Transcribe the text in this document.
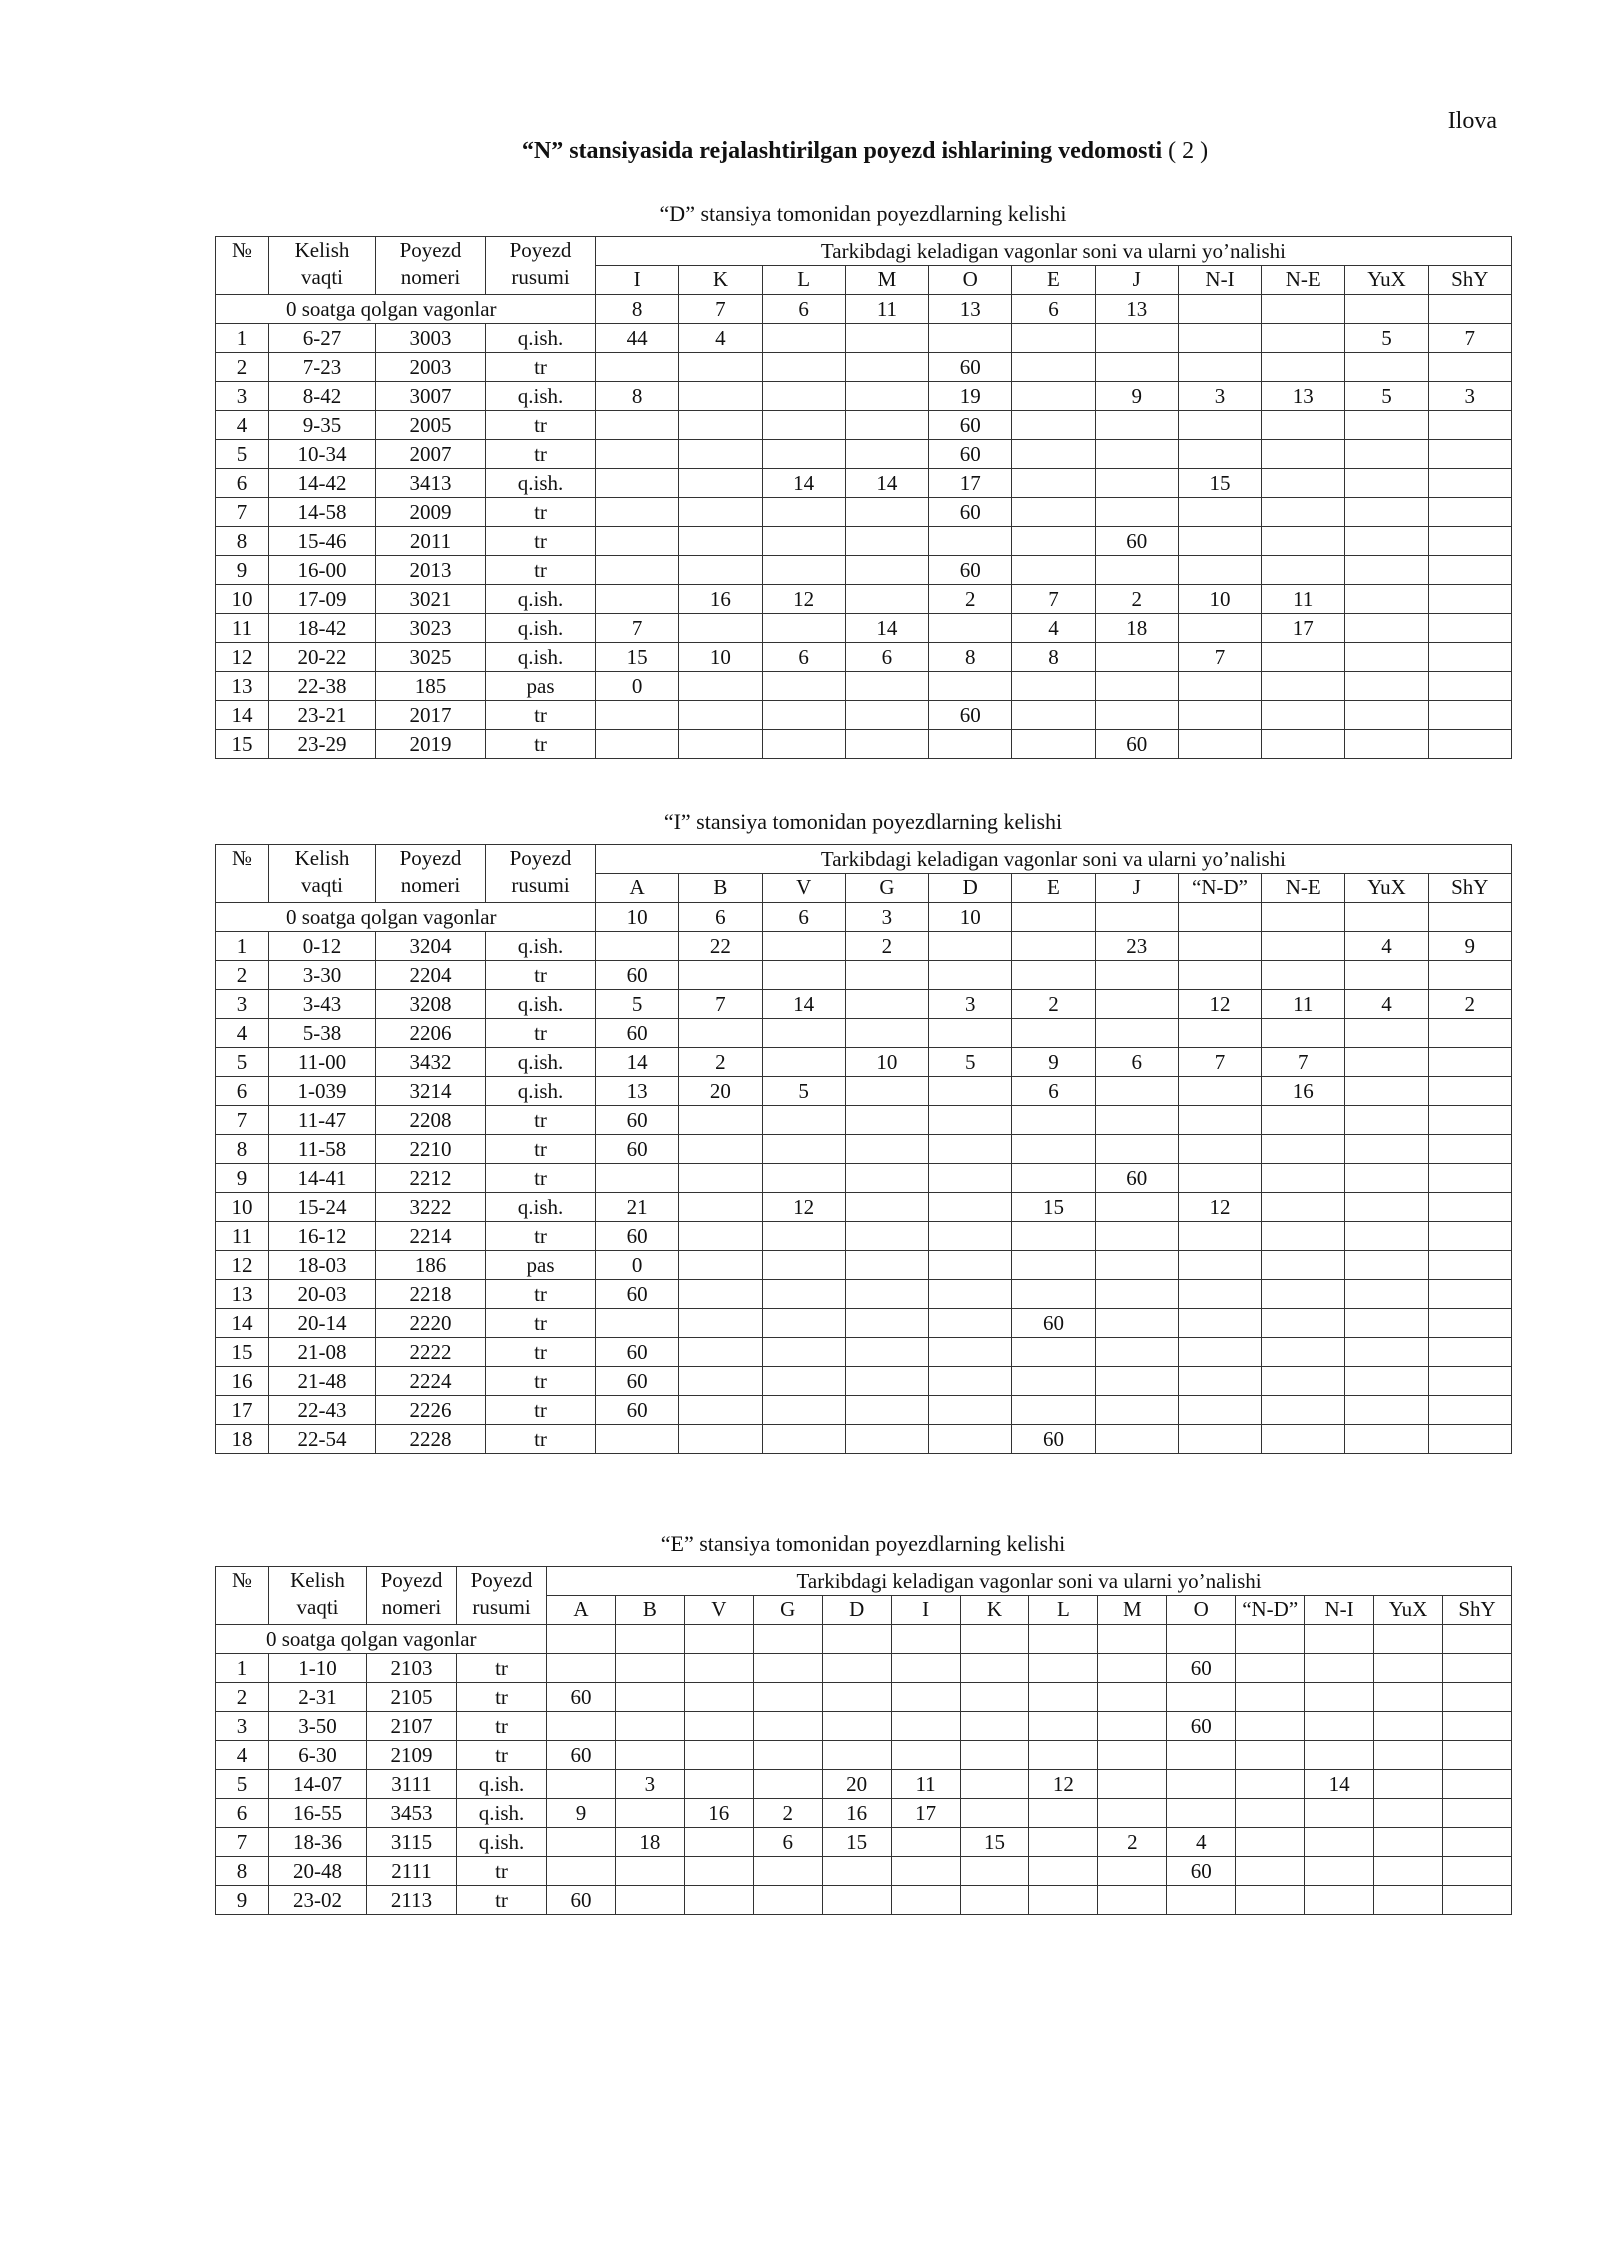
Ilova
“N” stansiyasida rejalashtirilgan poyezd ishlarining vedomosti ( 2 )
“D” stansiya tomonidan poyezdlarning kelishi
№	Kelish vaqti	Poyezd nomeri	Poyezd rusumi	Tarkibdagi keladigan vagonlar soni va ularni yo’nalishi										
				I	K	L	M	O	E	J	N-I	N-E	YuX	ShY
0 soatga qolgan vagonlar				8	7	6	11	13	6	13				
1	6-27	3003	q.ish.	44	4								5	7
2	7-23	2003	tr					60						
3	8-42	3007	q.ish.	8				19		9	3	13	5	3
4	9-35	2005	tr					60						
5	10-34	2007	tr					60						
6	14-42	3413	q.ish.			14	14	17			15			
7	14-58	2009	tr					60						
8	15-46	2011	tr							60				
9	16-00	2013	tr					60						
10	17-09	3021	q.ish.		16	12		2	7	2	10	11		
11	18-42	3023	q.ish.	7			14		4	18		17		
12	20-22	3025	q.ish.	15	10	6	6	8	8		7			
13	22-38	185	pas	0										
14	23-21	2017	tr					60						
15	23-29	2019	tr							60				
“I” stansiya tomonidan poyezdlarning kelishi
№	Kelish vaqti	Poyezd nomeri	Poyezd rusumi	Tarkibdagi keladigan vagonlar soni va ularni yo’nalishi										
				A	B	V	G	D	E	J	“N-D”	N-E	YuX	ShY
0 soatga qolgan vagonlar				10	6	6	3	10						
1	0-12	3204	q.ish.		22		2			23			4	9
2	3-30	2204	tr	60										
3	3-43	3208	q.ish.	5	7	14		3	2		12	11	4	2
4	5-38	2206	tr	60										
5	11-00	3432	q.ish.	14	2		10	5	9	6	7	7		
6	1-039	3214	q.ish.	13	20	5			6			16		
7	11-47	2208	tr	60										
8	11-58	2210	tr	60										
9	14-41	2212	tr							60				
10	15-24	3222	q.ish.	21		12			15		12			
11	16-12	2214	tr	60										
12	18-03	186	pas	0										
13	20-03	2218	tr	60										
14	20-14	2220	tr						60					
15	21-08	2222	tr	60										
16	21-48	2224	tr	60										
17	22-43	2226	tr	60										
18	22-54	2228	tr						60					
“E” stansiya tomonidan poyezdlarning kelishi
№	Kelish vaqti	Poyezd nomeri	Poyezd rusumi	Tarkibdagi keladigan vagonlar soni va ularni yo’nalishi													
				A	B	V	G	D	I	K	L	M	O	“N-D”	N-I	YuX	ShY
0 soatga qolgan vagonlar																	
1	1-10	2103	tr										60				
2	2-31	2105	tr	60													
3	3-50	2107	tr										60				
4	6-30	2109	tr	60													
5	14-07	3111	q.ish.		3			20	11		12				14		
6	16-55	3453	q.ish.	9		16	2	16	17								
7	18-36	3115	q.ish.		18		6	15		15		2	4				
8	20-48	2111	tr										60				
9	23-02	2113	tr	60													
